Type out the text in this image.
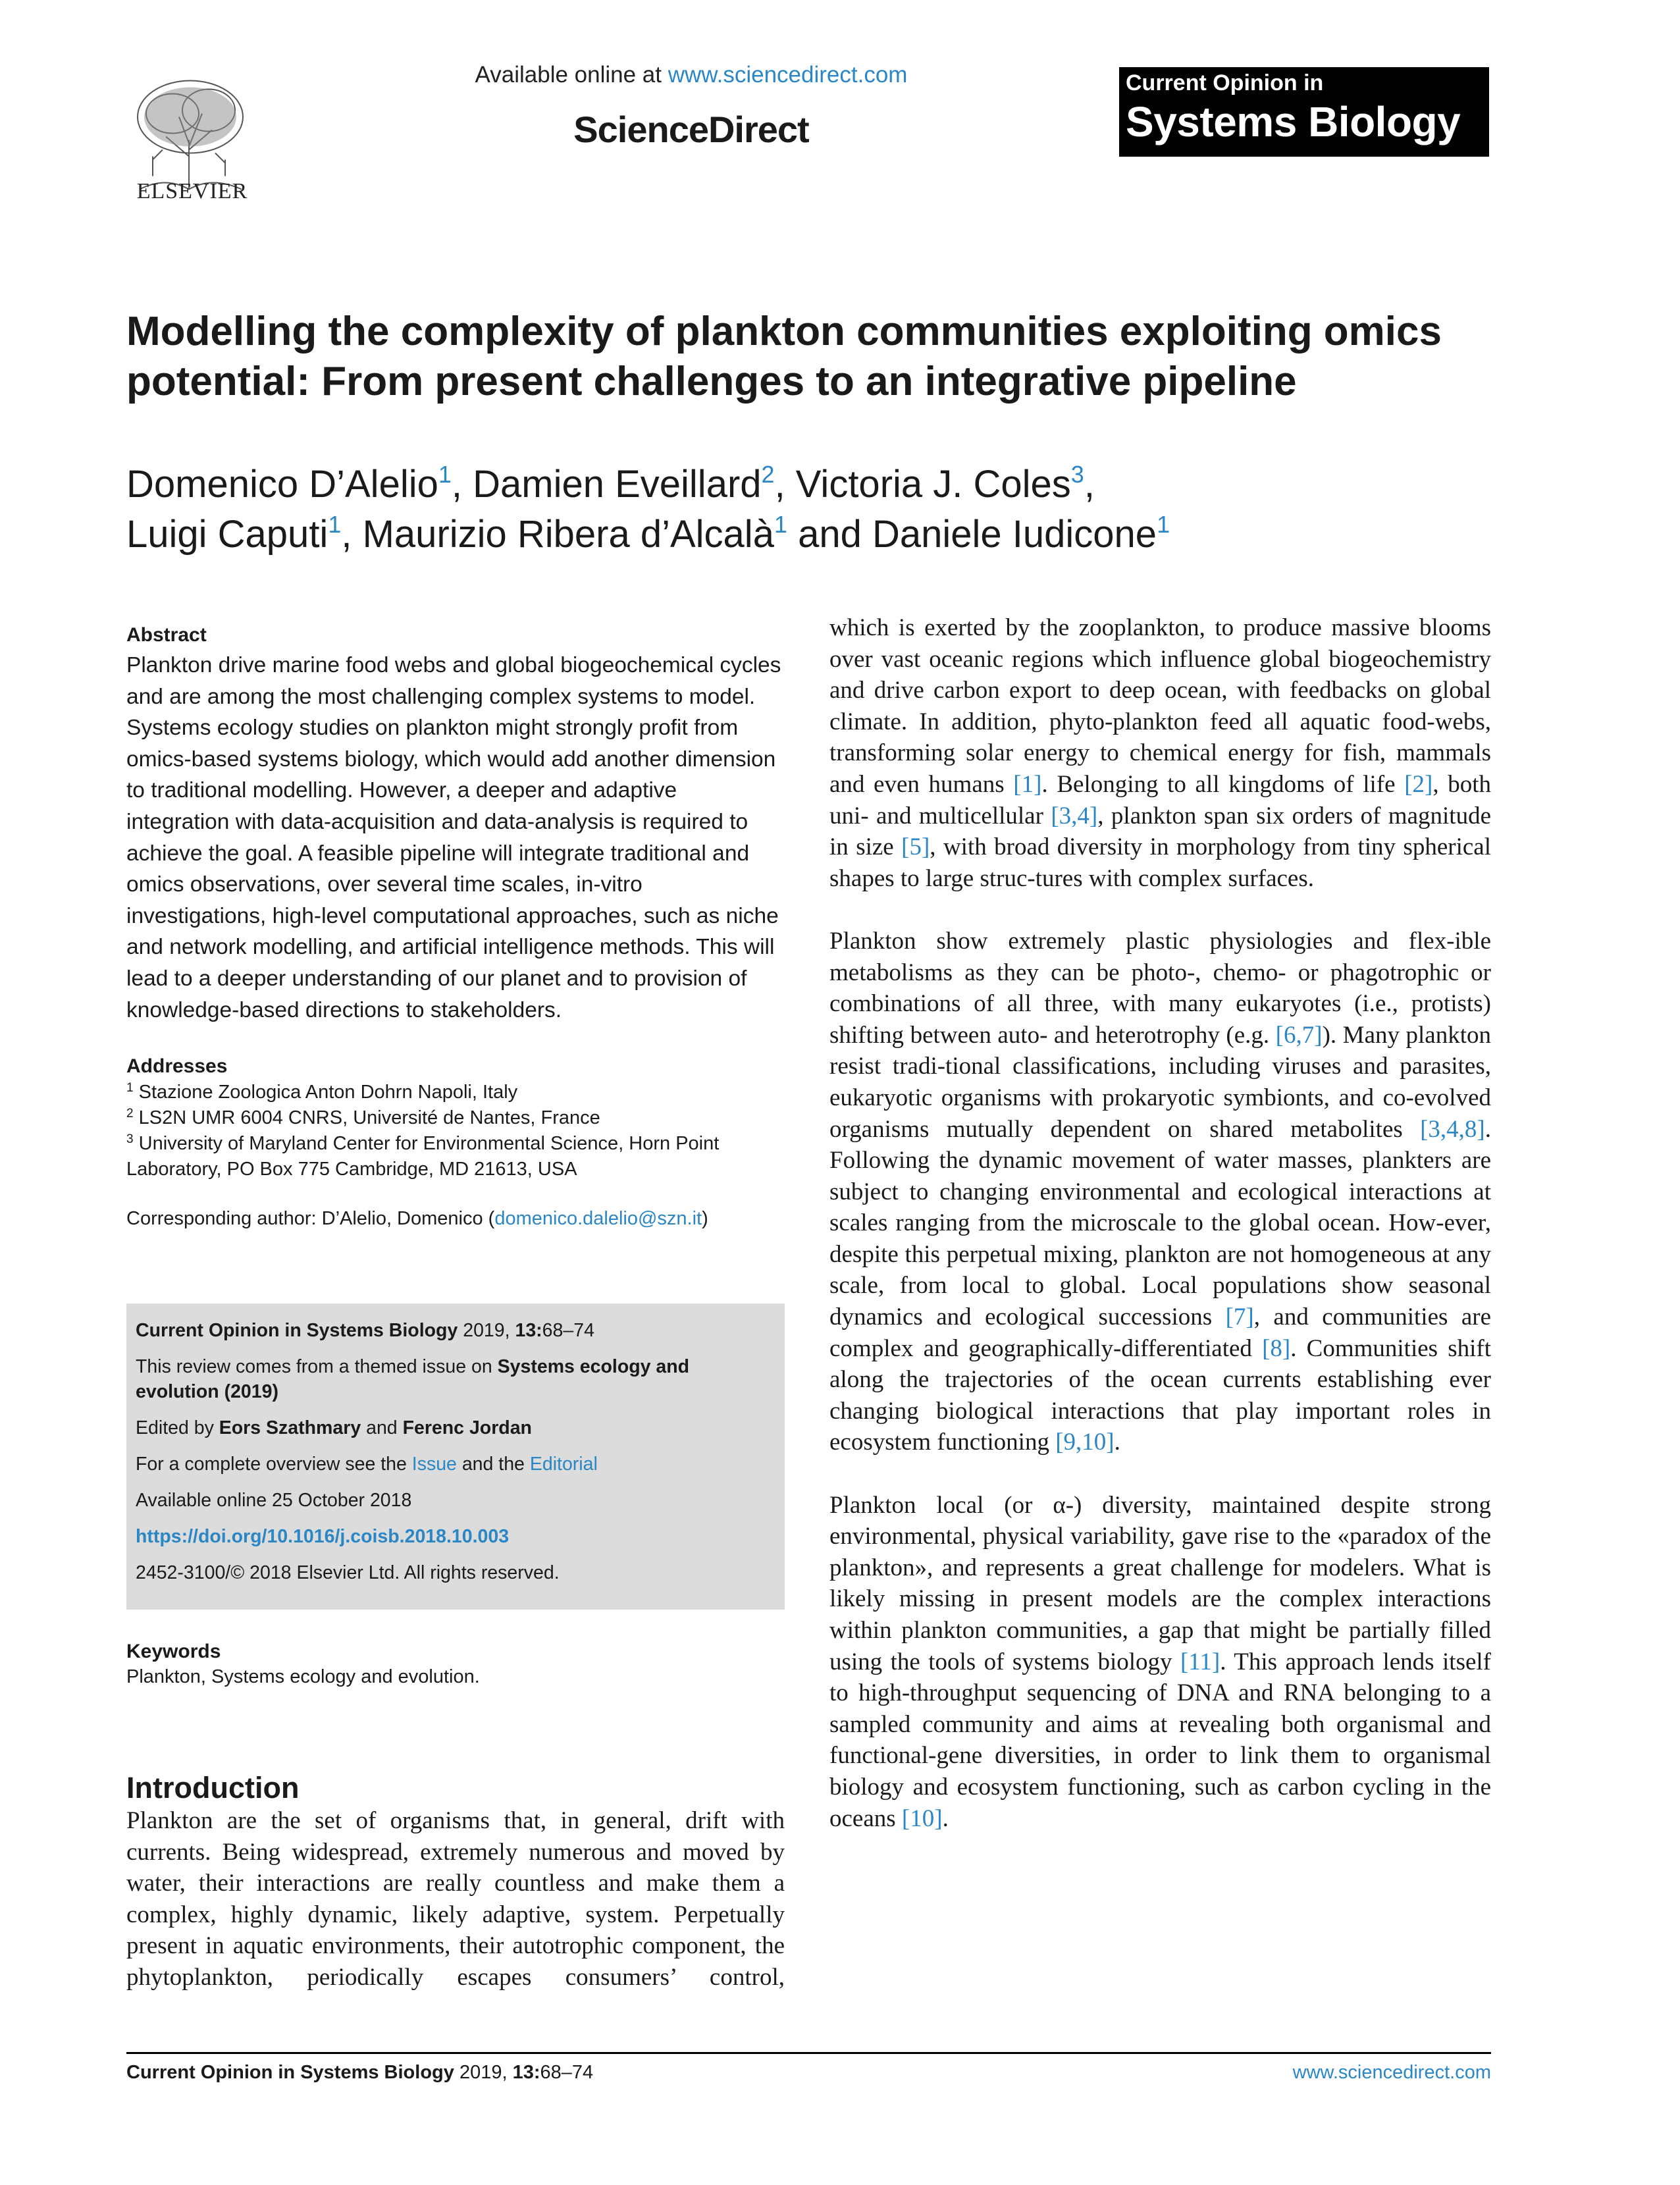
ELSEVIER
Available online at www.sciencedirect.com
ScienceDirect
Current Opinion in
Systems Biology
Modelling the complexity of plankton communities exploiting omics potential: From present challenges to an integrative pipeline
Domenico D’Alelio$^1$, Damien Eveillard$^2$, Victoria J. Coles$^3$,
Luigi Caputi$^1$, Maurizio Ribera d’Alcalà$^1$ and Daniele Iudicone$^1$
Abstract

Plankton drive marine food webs and global biogeochemical cycles and are among the most challenging complex systems to model. Systems ecology studies on plankton might strongly profit from omics-based systems biology, which would add another dimension to traditional modelling. However, a deeper and adaptive integration with data-acquisition and data-analysis is required to achieve the goal. A feasible pipeline will integrate traditional and omics observations, over several time scales, in-vitro investigations, high-level computational approaches, such as niche and network modelling, and artificial intelligence methods. This will lead to a deeper understanding of our planet and to provision of knowledge-based directions to stakeholders.

Addresses
$^1$ Stazione Zoologica Anton Dohrn Napoli, Italy
$^2$ LS2N UMR 6004 CNRS, Université de Nantes, France
$^3$ University of Maryland Center for Environmental Science, Horn Point Laboratory, PO Box 775 Cambridge, MD 21613, USA
Corresponding author: D’Alelio, Domenico (domenico.dalelio@szn.it)
Current Opinion in Systems Biology 2019, 13:68–74
This review comes from a themed issue on Systems ecology and evolution (2019)
Edited by Eors Szathmary and Ferenc Jordan
For a complete overview see the Issue and the Editorial
Available online 25 October 2018
https://doi.org/10.1016/j.coisb.2018.10.003
2452-3100/© 2018 Elsevier Ltd. All rights reserved.
Keywords
Plankton, Systems ecology and evolution.
Introduction

Plankton are the set of organisms that, in general, drift with currents. Being widespread, extremely numerous and moved by water, their interactions are really countless and make them a complex, highly dynamic, likely adaptive, system. Perpetually present in aquatic environments, their autotrophic component, the phytoplankton, periodically escapes consumers’ control,

which is exerted by the zooplankton, to produce massive blooms over vast oceanic regions which influence global biogeochemistry and drive carbon export to deep ocean, with feedbacks on global climate. In addition, phyto-plankton feed all aquatic food-webs, transforming solar energy to chemical energy for fish, mammals and even humans [1]. Belonging to all kingdoms of life [2], both uni- and multicellular [3,4], plankton span six orders of magnitude in size [5], with broad diversity in morphology from tiny spherical shapes to large struc-tures with complex surfaces.

Plankton show extremely plastic physiologies and flex-ible metabolisms as they can be photo-, chemo- or phagotrophic or combinations of all three, with many eukaryotes (i.e., protists) shifting between auto- and heterotrophy (e.g. [6,7]). Many plankton resist tradi-tional classifications, including viruses and parasites, eukaryotic organisms with prokaryotic symbionts, and co-evolved organisms mutually dependent on shared metabolites [3,4,8]. Following the dynamic movement of water masses, plankters are subject to changing environmental and ecological interactions at scales ranging from the microscale to the global ocean. How-ever, despite this perpetual mixing, plankton are not homogeneous at any scale, from local to global. Local populations show seasonal dynamics and ecological successions [7], and communities are complex and geographically-differentiated [8]. Communities shift along the trajectories of the ocean currents establishing ever changing biological interactions that play important roles in ecosystem functioning [9,10].

Plankton local (or α-) diversity, maintained despite strong environmental, physical variability, gave rise to the «paradox of the plankton», and represents a great challenge for modelers. What is likely missing in present models are the complex interactions within plankton communities, a gap that might be partially filled using the tools of systems biology [11]. This approach lends itself to high-throughput sequencing of DNA and RNA belonging to a sampled community and aims at revealing both organismal and functional-gene diversities, in order to link them to organismal biology and ecosystem functioning, such as carbon cycling in the oceans [10].

Current Opinion in Systems Biology 2019, 13:68–74	www.sciencedirect.com
